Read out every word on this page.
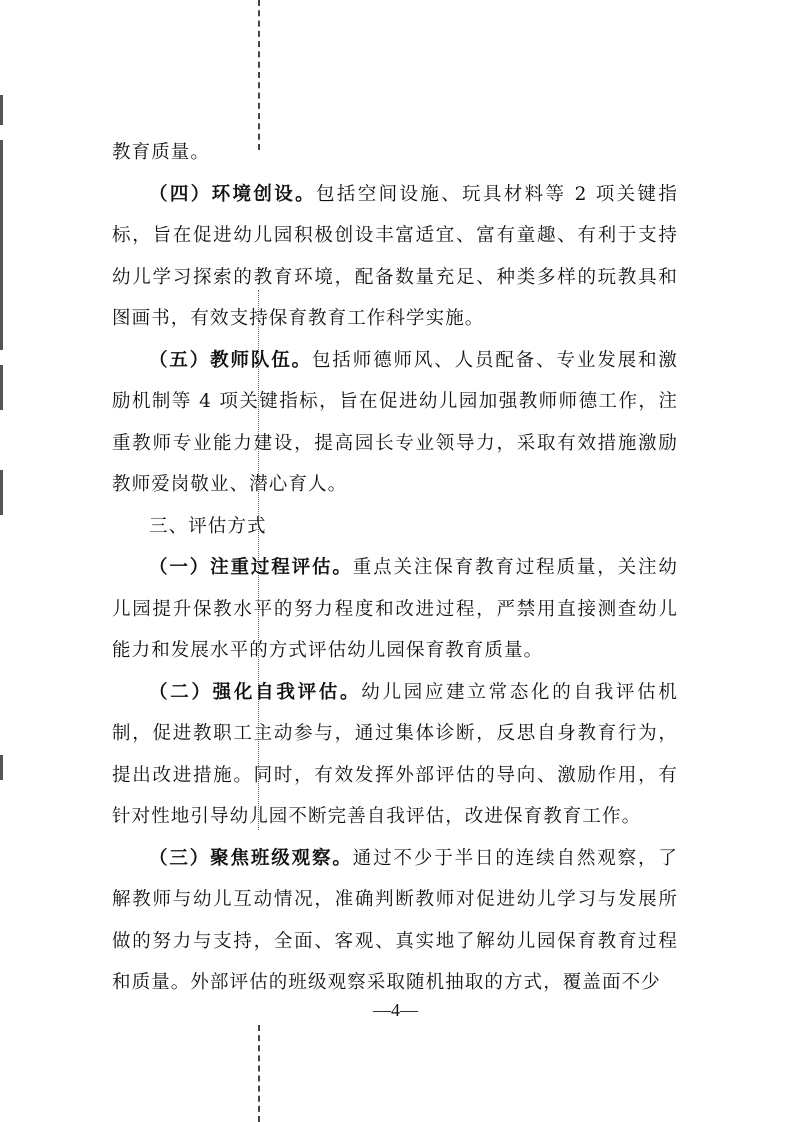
教育质量。

（四）环境创设。包括空间设施、玩具材料等 2 项关键指标，旨在促进幼儿园积极创设丰富适宜、富有童趣、有利于支持幼儿学习探索的教育环境，配备数量充足、种类多样的玩教具和图画书，有效支持保育教育工作科学实施。

（五）教师队伍。包括师德师风、人员配备、专业发展和激励机制等 4 项关键指标，旨在促进幼儿园加强教师师德工作，注重教师专业能力建设，提高园长专业领导力，采取有效措施激励教师爱岗敬业、潜心育人。

三、评估方式

（一）注重过程评估。重点关注保育教育过程质量，关注幼儿园提升保教水平的努力程度和改进过程，严禁用直接测查幼儿能力和发展水平的方式评估幼儿园保育教育质量。

（二）强化自我评估。幼儿园应建立常态化的自我评估机制，促进教职工主动参与，通过集体诊断，反思自身教育行为，提出改进措施。同时，有效发挥外部评估的导向、激励作用，有针对性地引导幼儿园不断完善自我评估，改进保育教育工作。

（三）聚焦班级观察。通过不少于半日的连续自然观察，了解教师与幼儿互动情况，准确判断教师对促进幼儿学习与发展所做的努力与支持，全面、客观、真实地了解幼儿园保育教育过程和质量。外部评估的班级观察采取随机抽取的方式，覆盖面不少

—4—
